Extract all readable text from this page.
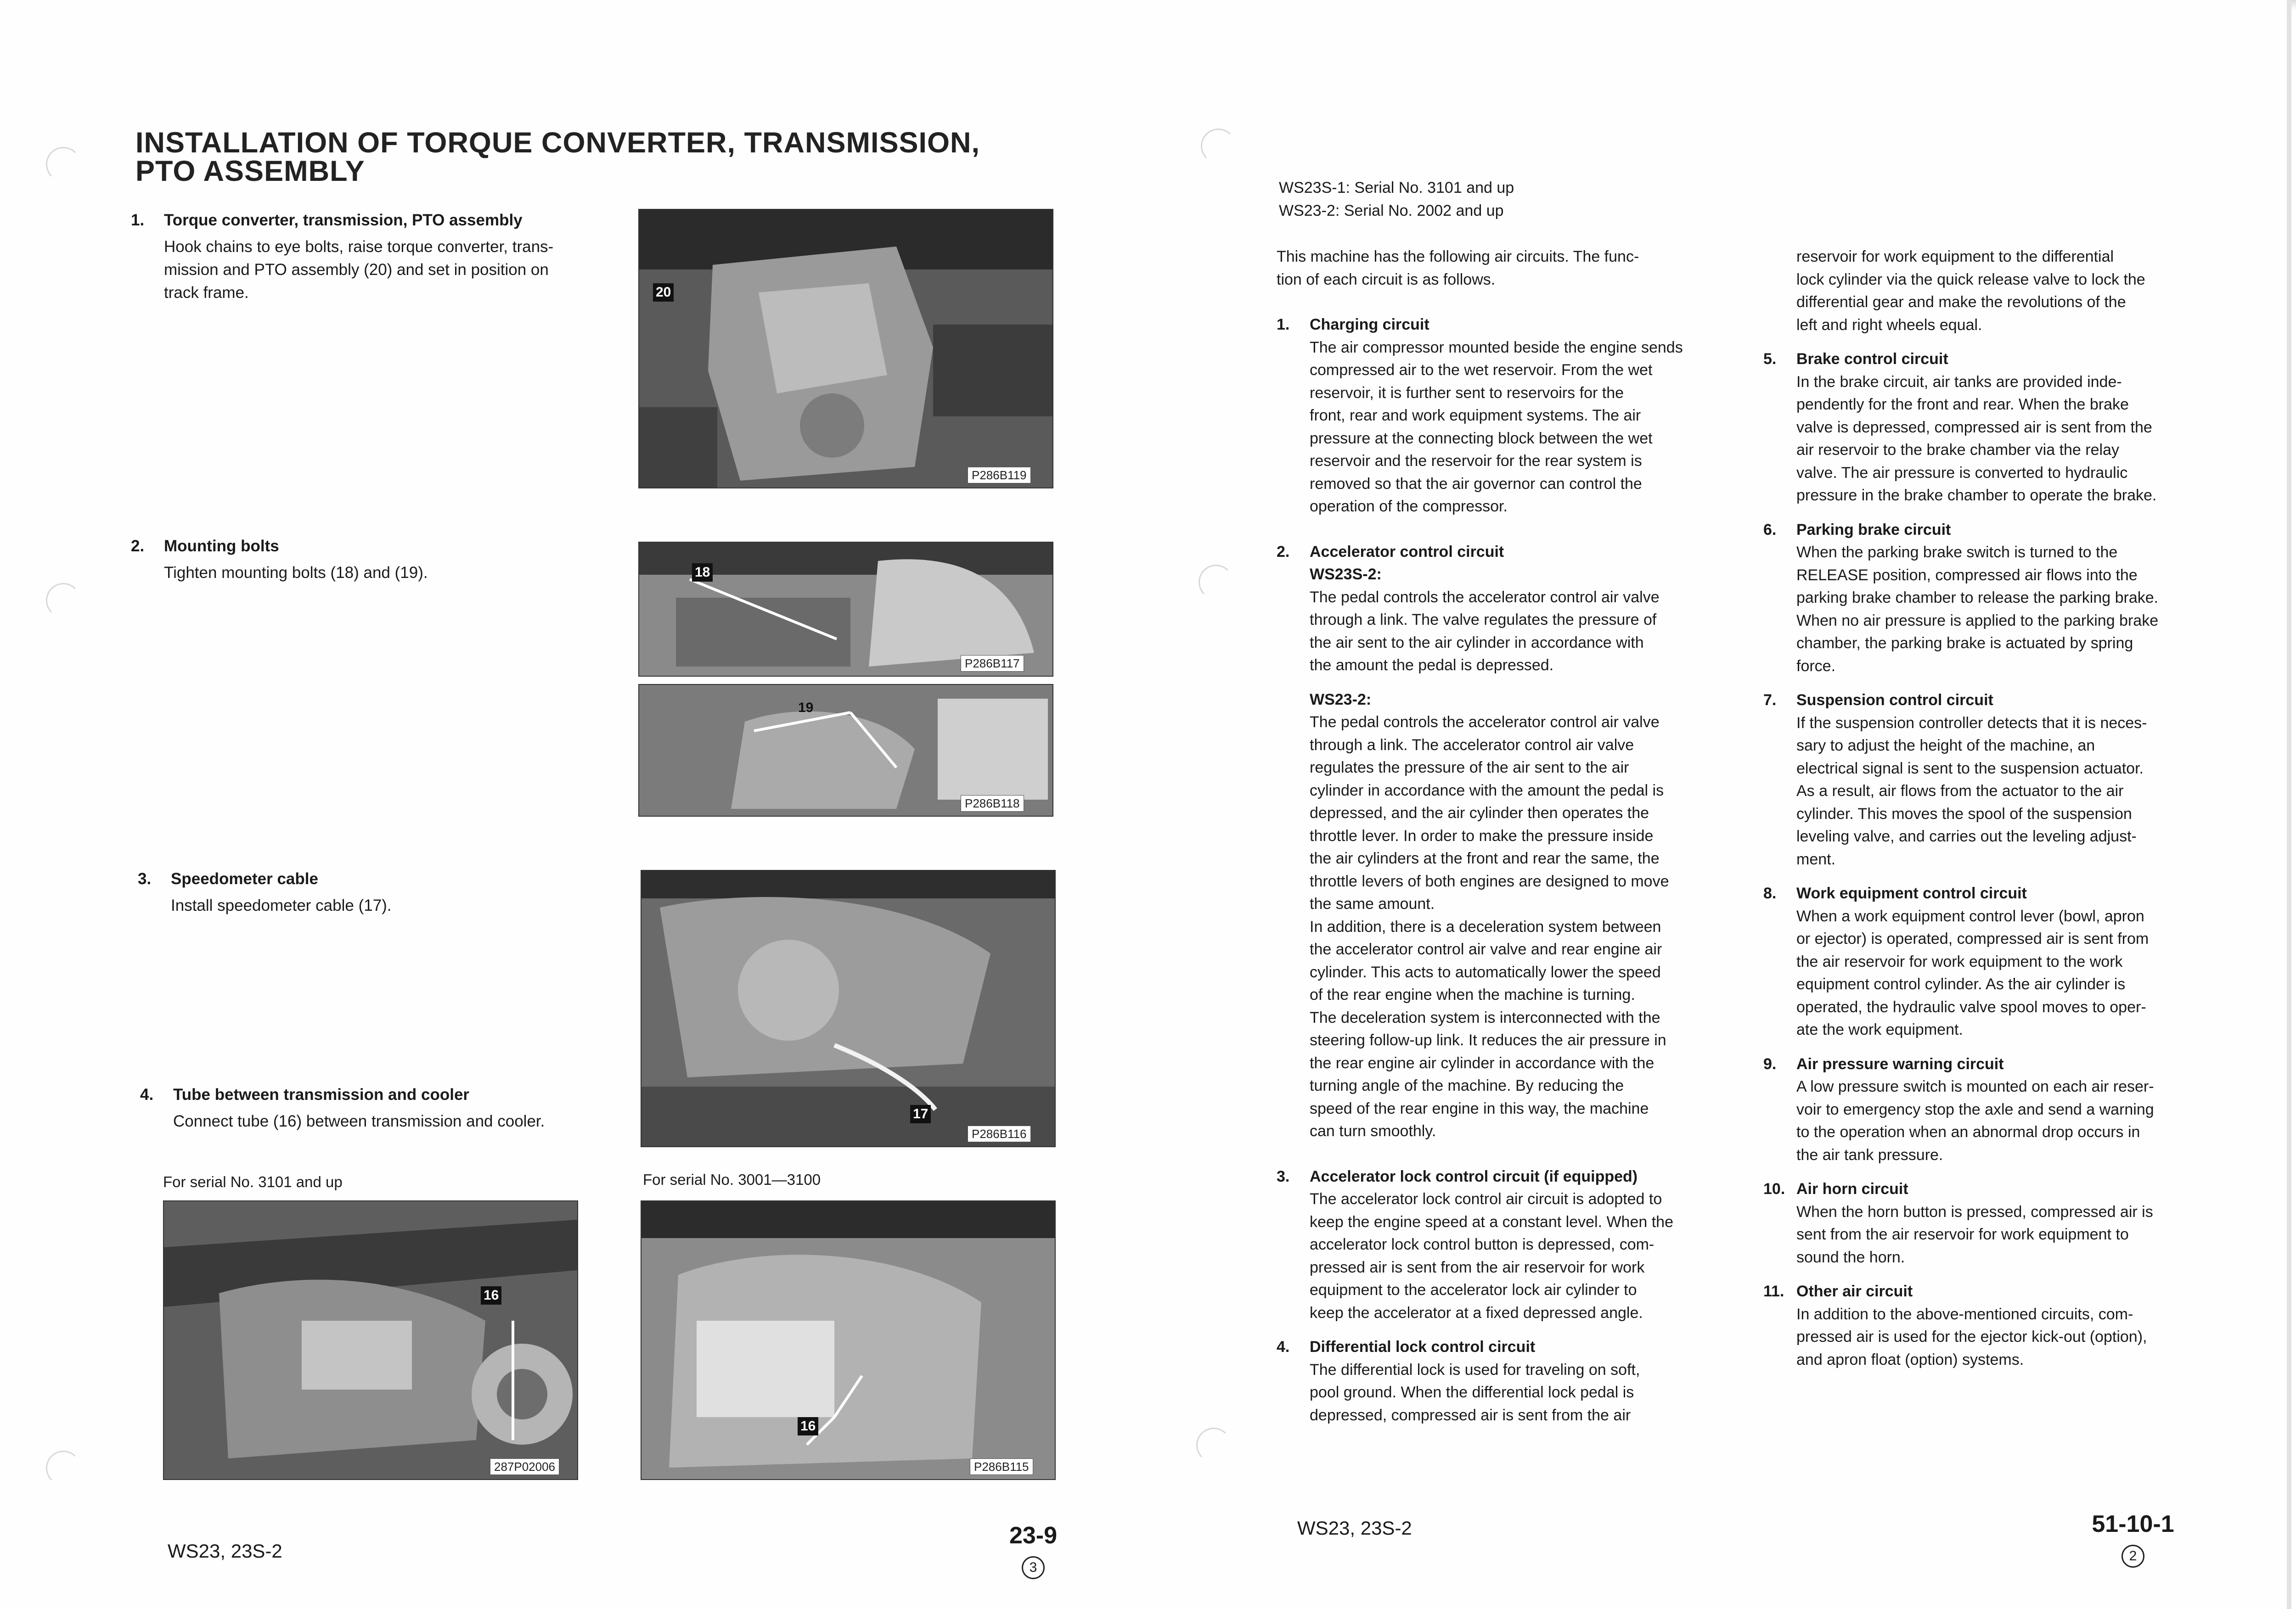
INSTALLATION OF TORQUE CONVERTER, TRANSMISSION,
PTO ASSEMBLY
1. Torque converter, transmission, PTO assembly
Hook chains to eye bolts, raise torque converter, trans-
mission and PTO assembly (20) and set in position on
track frame.
2. Mounting bolts
Tighten mounting bolts (18) and (19).
3. Speedometer cable
Install speedometer cable (17).
4. Tube between transmission and cooler
Connect tube (16) between transmission and cooler.
20
P286B119
18
P286B117
19
P286B118
17
P286B116
For serial No. 3101 and up	For serial No. 3001—3100
16
287P02006
16
P286B115
WS23, 23S-2
23-9
3
WS23S-1: Serial No. 3101 and up
WS23-2: Serial No. 2002 and up
This machine has the following air circuits. The func-
tion of each circuit is as follows.
1. Charging circuit
The air compressor mounted beside the engine sends
compressed air to the wet reservoir. From the wet
reservoir, it is further sent to reservoirs for the
front, rear and work equipment systems. The air
pressure at the connecting block between the wet
reservoir and the reservoir for the rear system is
removed so that the air governor can control the
operation of the compressor.
2. Accelerator control circuit
WS23S-2:
The pedal controls the accelerator control air valve
through a link. The valve regulates the pressure of
the air sent to the air cylinder in accordance with
the amount the pedal is depressed.
WS23-2:
The pedal controls the accelerator control air valve
through a link. The accelerator control air valve
regulates the pressure of the air sent to the air
cylinder in accordance with the amount the pedal is
depressed, and the air cylinder then operates the
throttle lever. In order to make the pressure inside
the air cylinders at the front and rear the same, the
throttle levers of both engines are designed to move
the same amount.
In addition, there is a deceleration system between
the accelerator control air valve and rear engine air
cylinder. This acts to automatically lower the speed
of the rear engine when the machine is turning.
The deceleration system is interconnected with the
steering follow-up link. It reduces the air pressure in
the rear engine air cylinder in accordance with the
turning angle of the machine. By reducing the
speed of the rear engine in this way, the machine
can turn smoothly.
3. Accelerator lock control circuit (if equipped)
The accelerator lock control air circuit is adopted to
keep the engine speed at a constant level. When the
accelerator lock control button is depressed, com-
pressed air is sent from the air reservoir for work
equipment to the accelerator lock air cylinder to
keep the accelerator at a fixed depressed angle.
4. Differential lock control circuit
The differential lock is used for traveling on soft,
pool ground. When the differential lock pedal is
depressed, compressed air is sent from the air
reservoir for work equipment to the differential
lock cylinder via the quick release valve to lock the
differential gear and make the revolutions of the
left and right wheels equal.
5. Brake control circuit
In the brake circuit, air tanks are provided inde-
pendently for the front and rear. When the brake
valve is depressed, compressed air is sent from the
air reservoir to the brake chamber via the relay
valve. The air pressure is converted to hydraulic
pressure in the brake chamber to operate the brake.
6. Parking brake circuit
When the parking brake switch is turned to the
RELEASE position, compressed air flows into the
parking brake chamber to release the parking brake.
When no air pressure is applied to the parking brake
chamber, the parking brake is actuated by spring
force.
7. Suspension control circuit
If the suspension controller detects that it is neces-
sary to adjust the height of the machine, an
electrical signal is sent to the suspension actuator.
As a result, air flows from the actuator to the air
cylinder. This moves the spool of the suspension
leveling valve, and carries out the leveling adjust-
ment.
8. Work equipment control circuit
When a work equipment control lever (bowl, apron
or ejector) is operated, compressed air is sent from
the air reservoir for work equipment to the work
equipment control cylinder. As the air cylinder is
operated, the hydraulic valve spool moves to oper-
ate the work equipment.
9. Air pressure warning circuit
A low pressure switch is mounted on each air reser-
voir to emergency stop the axle and send a warning
to the operation when an abnormal drop occurs in
the air tank pressure.
10. Air horn circuit
When the horn button is pressed, compressed air is
sent from the air reservoir for work equipment to
sound the horn.
11. Other air circuit
In addition to the above-mentioned circuits, com-
pressed air is used for the ejector kick-out (option),
and apron float (option) systems.
WS23, 23S-2	51-10-1
2
